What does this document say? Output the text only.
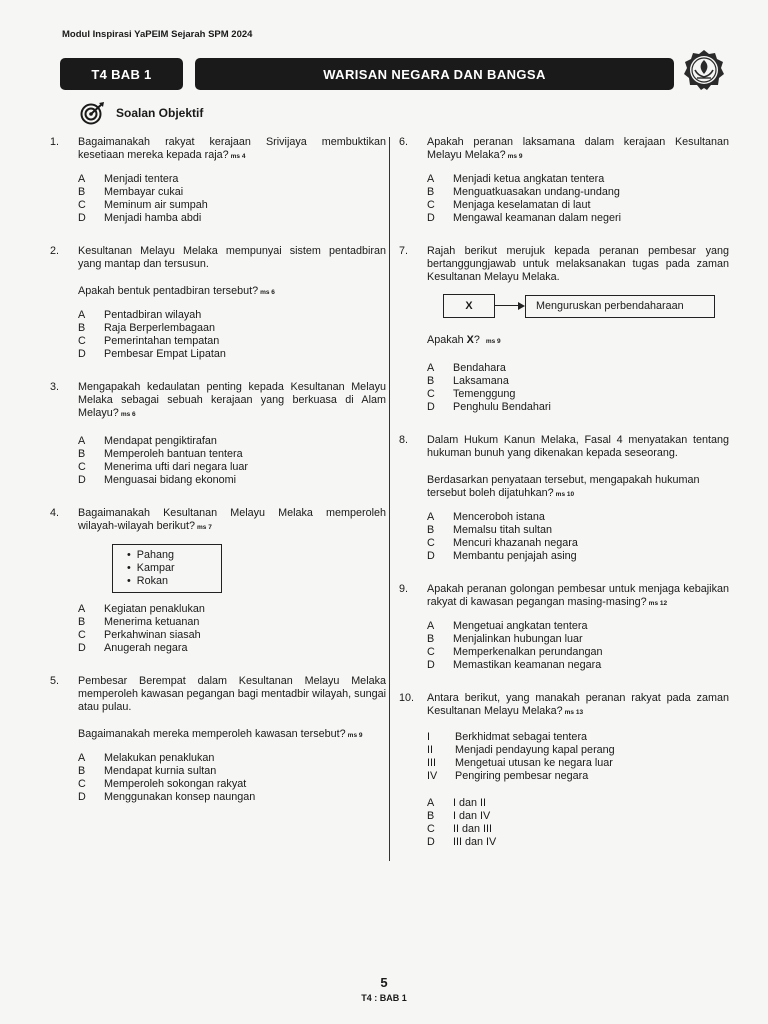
Modul Inspirasi YaPEIM Sejarah SPM 2024
T4 BAB 1	WARISAN NEGARA DAN BANGSA
Soalan Objektif
1.	Bagaimanakah rakyat kerajaan Srivijaya membuktikan kesetiaan mereka kepada raja? ms 4
A	Menjadi tentera
B	Membayar cukai
C	Meminum air sumpah
D	Menjadi hamba abdi
2.	Kesultanan Melayu Melaka mempunyai sistem pentadbiran yang mantap dan tersusun.
Apakah bentuk pentadbiran tersebut? ms 6
A	Pentadbiran wilayah
B	Raja Berperlembagaan
C	Pemerintahan tempatan
D	Pembesar Empat Lipatan
3.	Mengapakah kedaulatan penting kepada Kesultanan Melayu Melaka sebagai sebuah kerajaan yang berkuasa di Alam Melayu? ms 6
A	Mendapat pengiktirafan
B	Memperoleh bantuan tentera
C	Menerima ufti dari negara luar
D	Menguasai bidang ekonomi
4.	Bagaimanakah Kesultanan Melayu Melaka memperoleh wilayah-wilayah berikut? ms 7
• Pahang
• Kampar
• Rokan
A	Kegiatan penaklukan
B	Menerima ketuanan
C	Perkahwinan siasah
D	Anugerah negara
5.	Pembesar Berempat dalam Kesultanan Melayu Melaka memperoleh kawasan pegangan bagi mentadbir wilayah, sungai atau pulau.
Bagaimanakah mereka memperoleh kawasan tersebut? ms 9
A	Melakukan penaklukan
B	Mendapat kurnia sultan
C	Memperoleh sokongan rakyat
D	Menggunakan konsep naungan
6.	Apakah peranan laksamana dalam kerajaan Kesultanan Melayu Melaka? ms 9
A	Menjadi ketua angkatan tentera
B	Menguatkuasakan undang-undang
C	Menjaga keselamatan di laut
D	Mengawal keamanan dalam negeri
7.	Rajah berikut merujuk kepada peranan pembesar yang bertanggungjawab untuk melaksanakan tugas pada zaman Kesultanan Melayu Melaka.
X	Menguruskan perbendaharaan
Apakah X? ms 9
A	Bendahara
B	Laksamana
C	Temenggung
D	Penghulu Bendahari
8.	Dalam Hukum Kanun Melaka, Fasal 4 menyatakan tentang hukuman bunuh yang dikenakan kepada seseorang.
Berdasarkan penyataan tersebut, mengapakah hukuman tersebut boleh dijatuhkan? ms 10
A	Menceroboh istana
B	Memalsu titah sultan
C	Mencuri khazanah negara
D	Membantu penjajah asing
9.	Apakah peranan golongan pembesar untuk menjaga kebajikan rakyat di kawasan pegangan masing-masing? ms 12
A	Mengetuai angkatan tentera
B	Menjalinkan hubungan luar
C	Memperkenalkan perundangan
D	Memastikan keamanan negara
10.	Antara berikut, yang manakah peranan rakyat pada zaman Kesultanan Melayu Melaka? ms 13
I	Berkhidmat sebagai tentera
II	Menjadi pendayung kapal perang
III	Mengetuai utusan ke negara luar
IV	Pengiring pembesar negara
A	I dan II
B	I dan IV
C	II dan III
D	III dan IV
5
T4 : BAB 1
